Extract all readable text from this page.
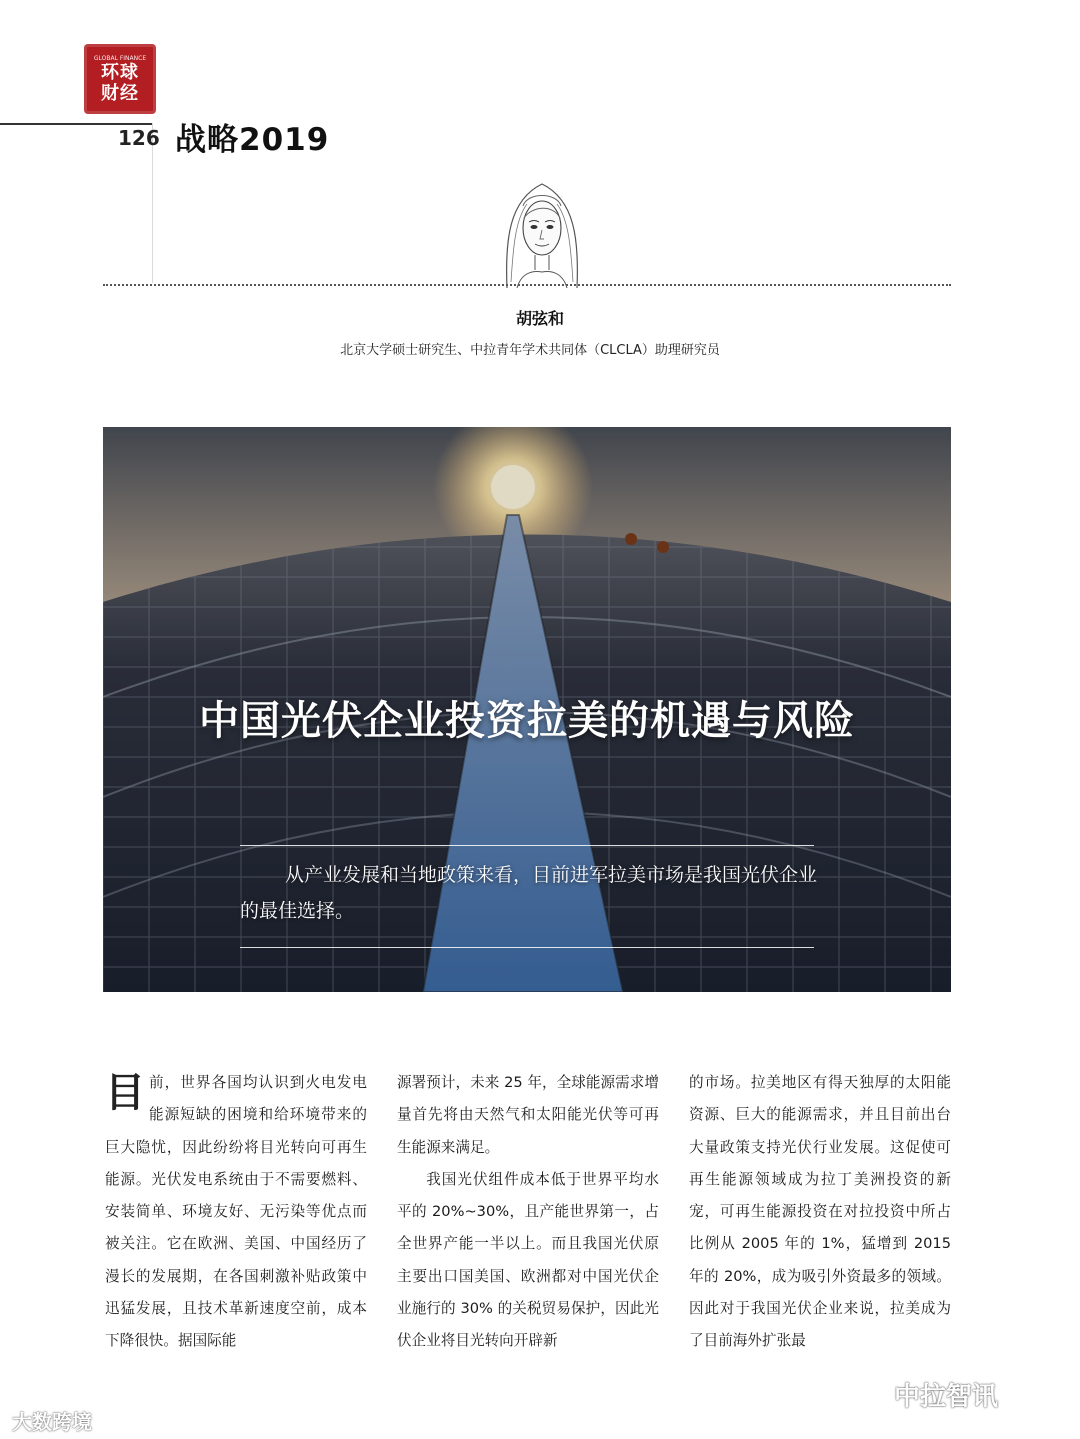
GLOBAL FINANCE
环球
财经
126 战略2019
胡弦和
北京大学硕士研究生、中拉青年学术共同体（CLCLA）助理研究员
中国光伏企业投资拉美的机遇与风险
从产业发展和当地政策来看，目前进军拉美市场是我国光伏企业的最佳选择。
目 前，世界各国均认识到火电发电能源短缺的困境和给环境带来的巨大隐忧，因此纷纷将目光转向可再生能源。光伏发电系统由于不需要燃料、安装简单、环境友好、无污染等优点而被关注。它在欧洲、美国、中国经历了漫长的发展期，在各国刺激补贴政策中迅猛发展，且技术革新速度空前，成本下降很快。据国际能

源署预计，未来 25 年，全球能源需求增量首先将由天然气和太阳能光伏等可再生能源来满足。

我国光伏组件成本低于世界平均水平的 20%~30%，且产能世界第一，占全世界产能一半以上。而且我国光伏原主要出口国美国、欧洲都对中国光伏企业施行的 30% 的关税贸易保护，因此光伏企业将目光转向开辟新

的市场。拉美地区有得天独厚的太阳能资源、巨大的能源需求，并且目前出台大量政策支持光伏行业发展。这促使可再生能源领域成为拉丁美洲投资的新宠，可再生能源投资在对拉投资中所占比例从 2005 年的 1%，猛增到 2015 年的 20%，成为吸引外资最多的领域。因此对于我国光伏企业来说，拉美成为了目前海外扩张最

大数跨境
中拉智讯
